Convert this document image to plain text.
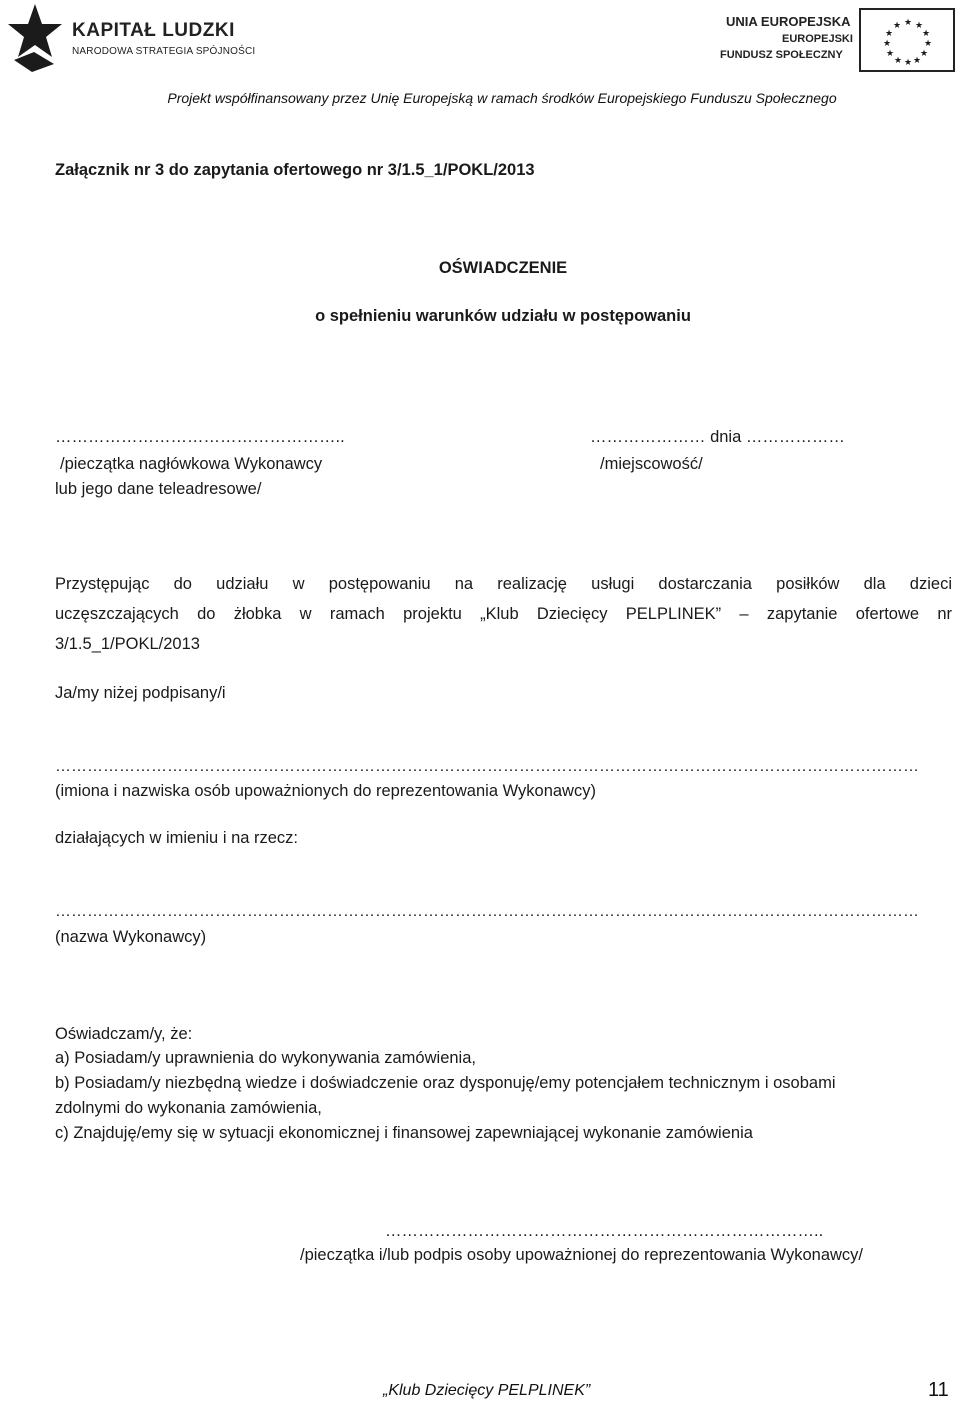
KAPITAŁ LUDZKI
NARODOWA STRATEGIA SPÓJNOŚCI
UNIA EUROPEJSKA
EUROPEJSKI
FUNDUSZ SPOŁECZNY
★ ★
★
★
★
★
★
★
★
★
★
★
Projekt współfinansowany przez Unię Europejską w ramach środków Europejskiego Funduszu Społecznego
Załącznik nr 3 do zapytania ofertowego nr 3/1.5_1/POKL/2013
OŚWIADCZENIE
o spełnieniu warunków udziału w postępowaniu
……………………………………………..
/pieczątka nagłówkowa Wykonawcy
lub jego dane teleadresowe/
………………… dnia ………………
/miejscowość/
Przystępując do udziału w postępowaniu na realizację usługi dostarczania posiłków dla dzieci
uczęszczających do żłobka w ramach projektu „Klub Dziecięcy PELPLINEK” – zapytanie ofertowe nr
3/1.5_1/POKL/2013
Ja/my niżej podpisany/i
………………………………………………………………………………………………………………………………………………
(imiona i nazwiska osób upoważnionych do reprezentowania Wykonawcy)
działających w imieniu i na rzecz:
………………………………………………………………………………………………………………………………………………
(nazwa Wykonawcy)
Oświadczam/y, że:
a) Posiadam/y uprawnienia do wykonywania zamówienia,
b) Posiadam/y niezbędną wiedze i doświadczenie oraz dysponuję/emy potencjałem technicznym i osobami
zdolnymi do wykonania zamówienia,
c) Znajduję/emy się w sytuacji ekonomicznej i finansowej zapewniającej wykonanie zamówienia
……………………………………………………………………..
/pieczątka i/lub podpis osoby upoważnionej do reprezentowania Wykonawcy/
„Klub Dziecięcy PELPLINEK”	11
